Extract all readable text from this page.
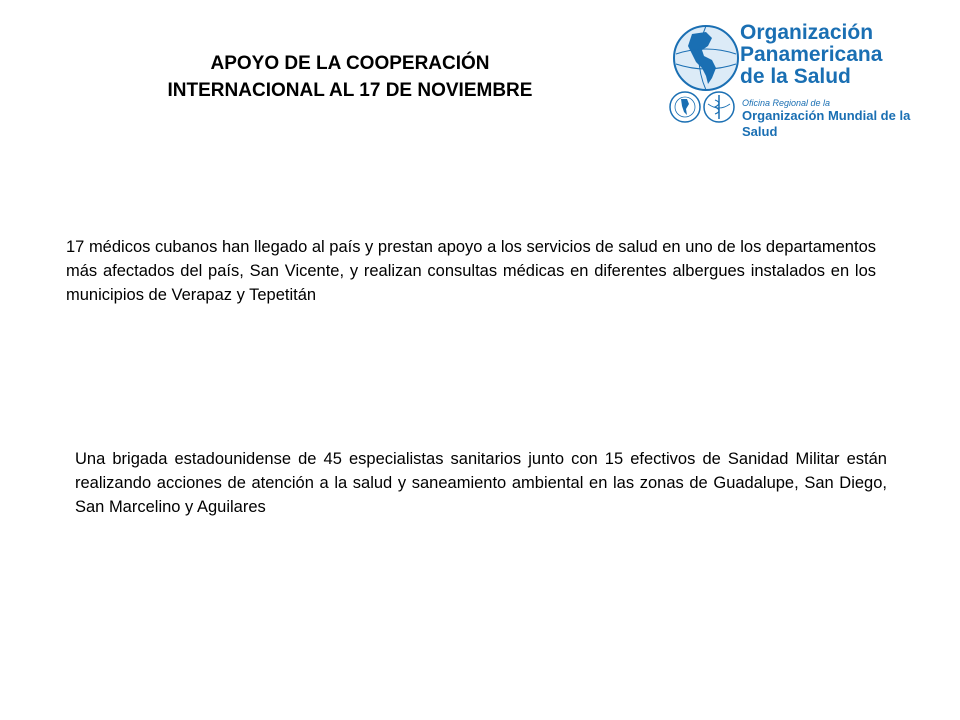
APOYO DE LA COOPERACIÓN
INTERNACIONAL AL 17 DE NOVIEMBRE
Organización
Panamericana
de la Salud
Oficina Regional de la
Organización Mundial de la Salud

17 médicos cubanos han llegado al país y prestan apoyo a los servicios de salud en uno de los departamentos más afectados del país, San Vicente, y realizan consultas médicas en diferentes albergues instalados en los municipios de Verapaz y Tepetitán

Una brigada estadounidense de 45 especialistas sanitarios junto con 15 efectivos de Sanidad Militar están realizando acciones de atención a la salud y saneamiento ambiental en las zonas de Guadalupe, San Diego, San Marcelino y Aguilares
